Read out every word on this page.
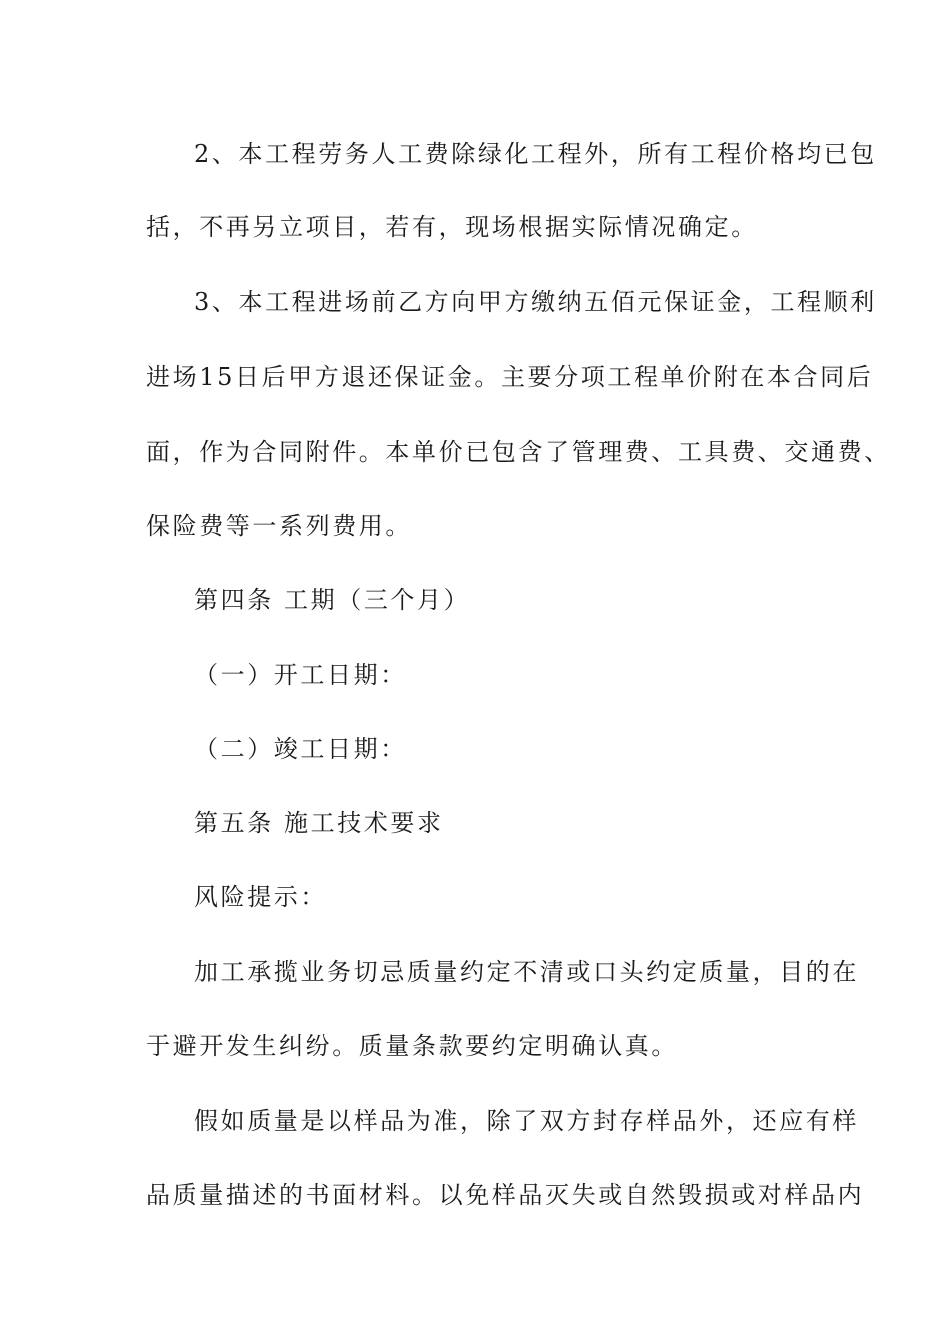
2、本工程劳务人工费除绿化工程外，所有工程价格均已包
括，不再另立项目，若有，现场根据实际情况确定。
3、本工程进场前乙方向甲方缴纳五佰元保证金，工程顺利
进场15日后甲方退还保证金。主要分项工程单价附在本合同后
面，作为合同附件。本单价已包含了管理费、工具费、交通费、
保险费等一系列费用。
第四条 工期（三个月）
（一）开工日期：
（二）竣工日期：
第五条 施工技术要求
风险提示：
加工承揽业务切忌质量约定不清或口头约定质量，目的在
于避开发生纠纷。质量条款要约定明确认真。
假如质量是以样品为准，除了双方封存样品外，还应有样
品质量描述的书面材料。以免样品灭失或自然毁损或对样品内
